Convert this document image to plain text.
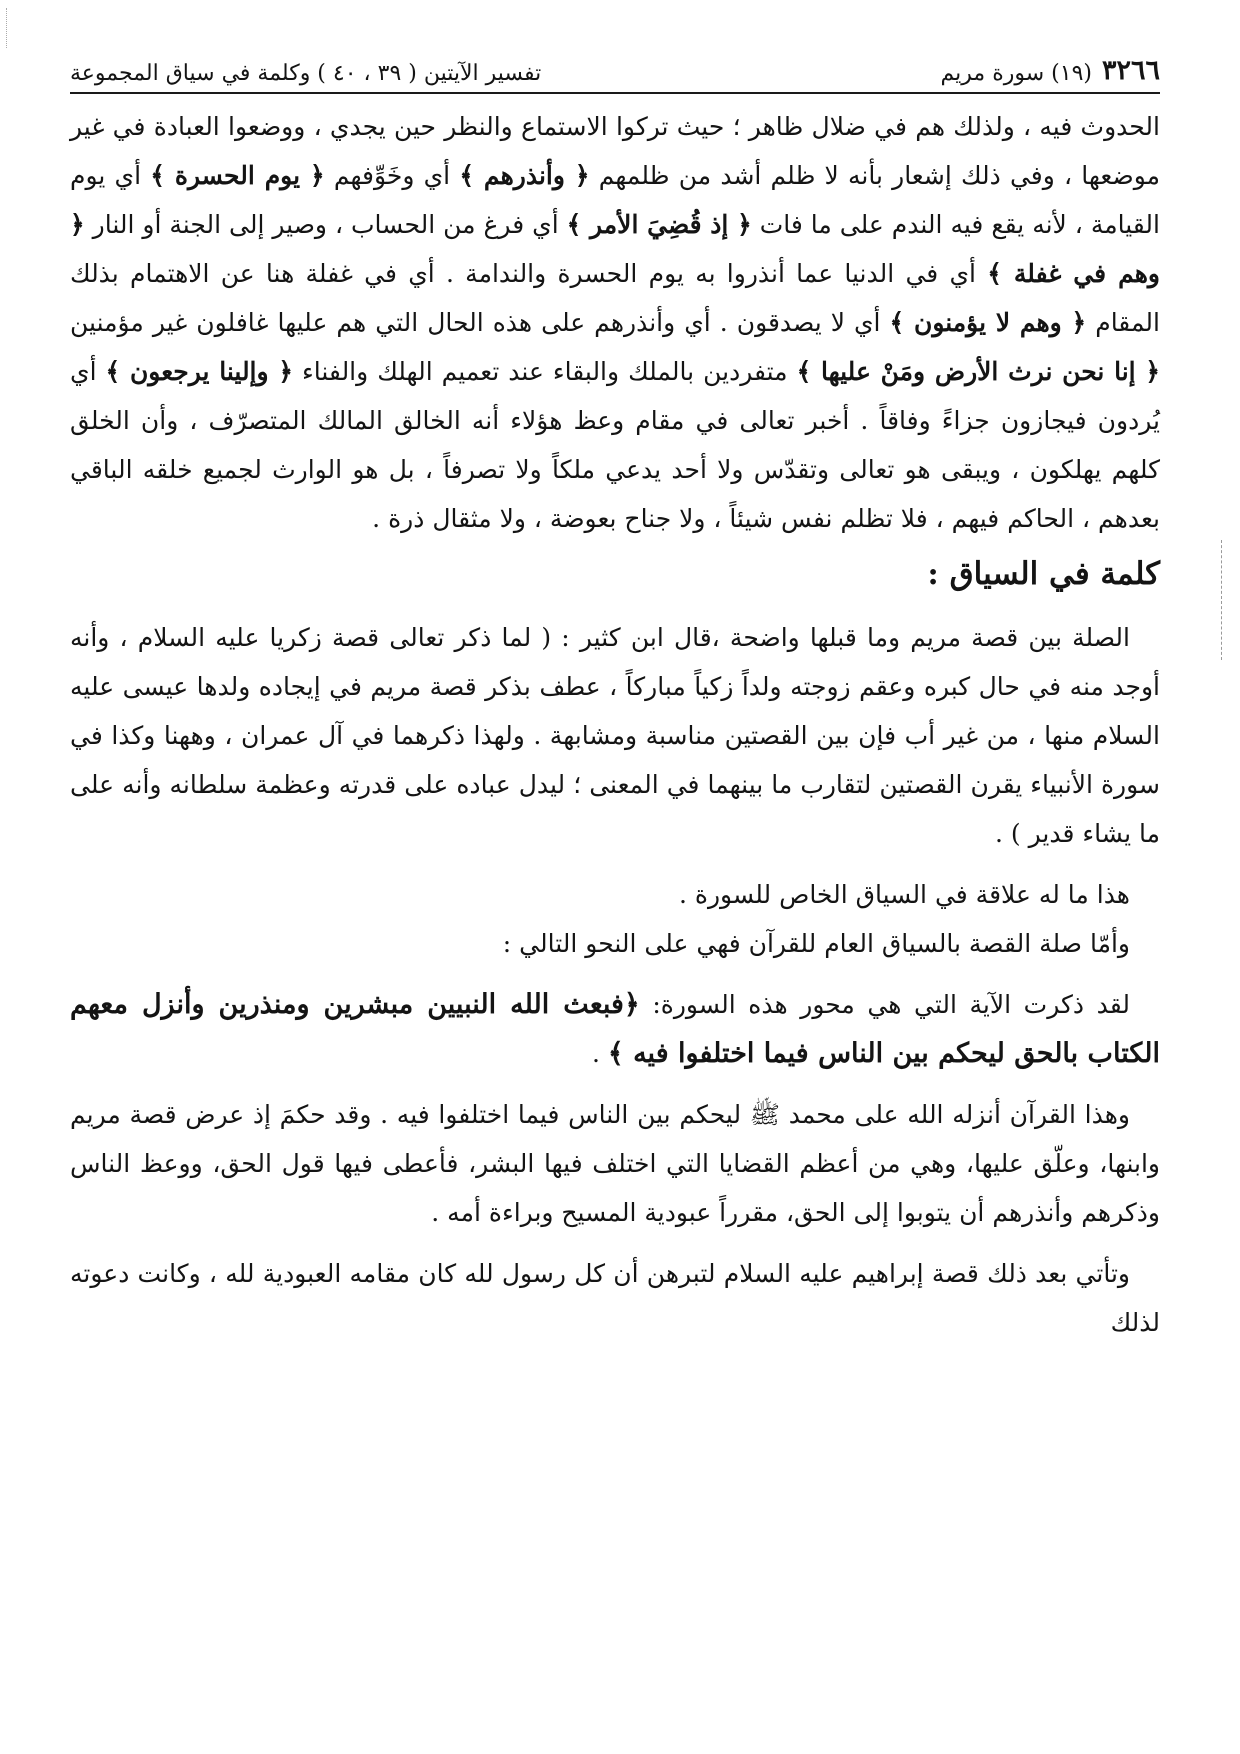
٣٢٦٦
(١٩) سورة مريم
تفسير الآيتين ( ٣٩ ، ٤٠ ) وكلمة في سياق المجموعة

الحدوث فيه ، ولذلك هم في ضلال ظاهر ؛ حيث تركوا الاستماع والنظر حين يجدي ، ووضعوا العبادة في غير موضعها ، وفي ذلك إشعار بأنه لا ظلم أشد من ظلمهم ﴿ وأنذرهم ﴾ أي وخَوِّفهم ﴿ يوم الحسرة ﴾ أي يوم القيامة ، لأنه يقع فيه الندم على ما فات ﴿ إذ قُضِيَ الأمر ﴾ أي فرغ من الحساب ، وصير إلى الجنة أو النار ﴿ وهم في غفلة ﴾ أي في الدنيا عما أنذروا به يوم الحسرة والندامة . أي في غفلة هنا عن الاهتمام بذلك المقام ﴿ وهم لا يؤمنون ﴾ أي لا يصدقون . أي وأنذرهم على هذه الحال التي هم عليها غافلون غير مؤمنين ﴿ إنا نحن نرث الأرض ومَنْ عليها ﴾ متفردين بالملك والبقاء عند تعميم الهلك والفناء ﴿ وإلينا يرجعون ﴾ أي يُردون فيجازون جزاءً وفاقاً . أخبر تعالى في مقام وعظ هؤلاء أنه الخالق المالك المتصرّف ، وأن الخلق كلهم يهلكون ، ويبقى هو تعالى وتقدّس ولا أحد يدعي ملكاً ولا تصرفاً ، بل هو الوارث لجميع خلقه الباقي بعدهم ، الحاكم فيهم ، فلا تظلم نفس شيئاً ، ولا جناح بعوضة ، ولا مثقال ذرة .

كلمة في السياق :

الصلة بين قصة مريم وما قبلها واضحة ،قال ابن كثير : ( لما ذكر تعالى قصة زكريا عليه السلام ، وأنه أوجد منه في حال كبره وعقم زوجته ولداً زكياً مباركاً ، عطف بذكر قصة مريم في إيجاده ولدها عيسى عليه السلام منها ، من غير أب فإن بين القصتين مناسبة ومشابهة . ولهذا ذكرهما في آل عمران ، وههنا وكذا في سورة الأنبياء يقرن القصتين لتقارب ما بينهما في المعنى ؛ ليدل عباده على قدرته وعظمة سلطانه وأنه على ما يشاء قدير ) .

هذا ما له علاقة في السياق الخاص للسورة .

وأمّا صلة القصة بالسياق العام للقرآن فهي على النحو التالي :

لقد ذكرت الآية التي هي محور هذه السورة: ﴿فبعث الله النبيين مبشرين ومنذرين وأنزل معهم الكتاب بالحق ليحكم بين الناس فيما اختلفوا فيه ﴾ .

وهذا القرآن أنزله الله على محمد ﷺ ليحكم بين الناس فيما اختلفوا فيه . وقد حكمَ إذ عرض قصة مريم وابنها، وعلّق عليها، وهي من أعظم القضايا التي اختلف فيها البشر، فأعطى فيها قول الحق، ووعظ الناس وذكرهم وأنذرهم أن يتوبوا إلى الحق، مقرراً عبودية المسيح وبراءة أمه .

وتأتي بعد ذلك قصة إبراهيم عليه السلام لتبرهن أن كل رسول لله كان مقامه العبودية لله ، وكانت دعوته لذلك
